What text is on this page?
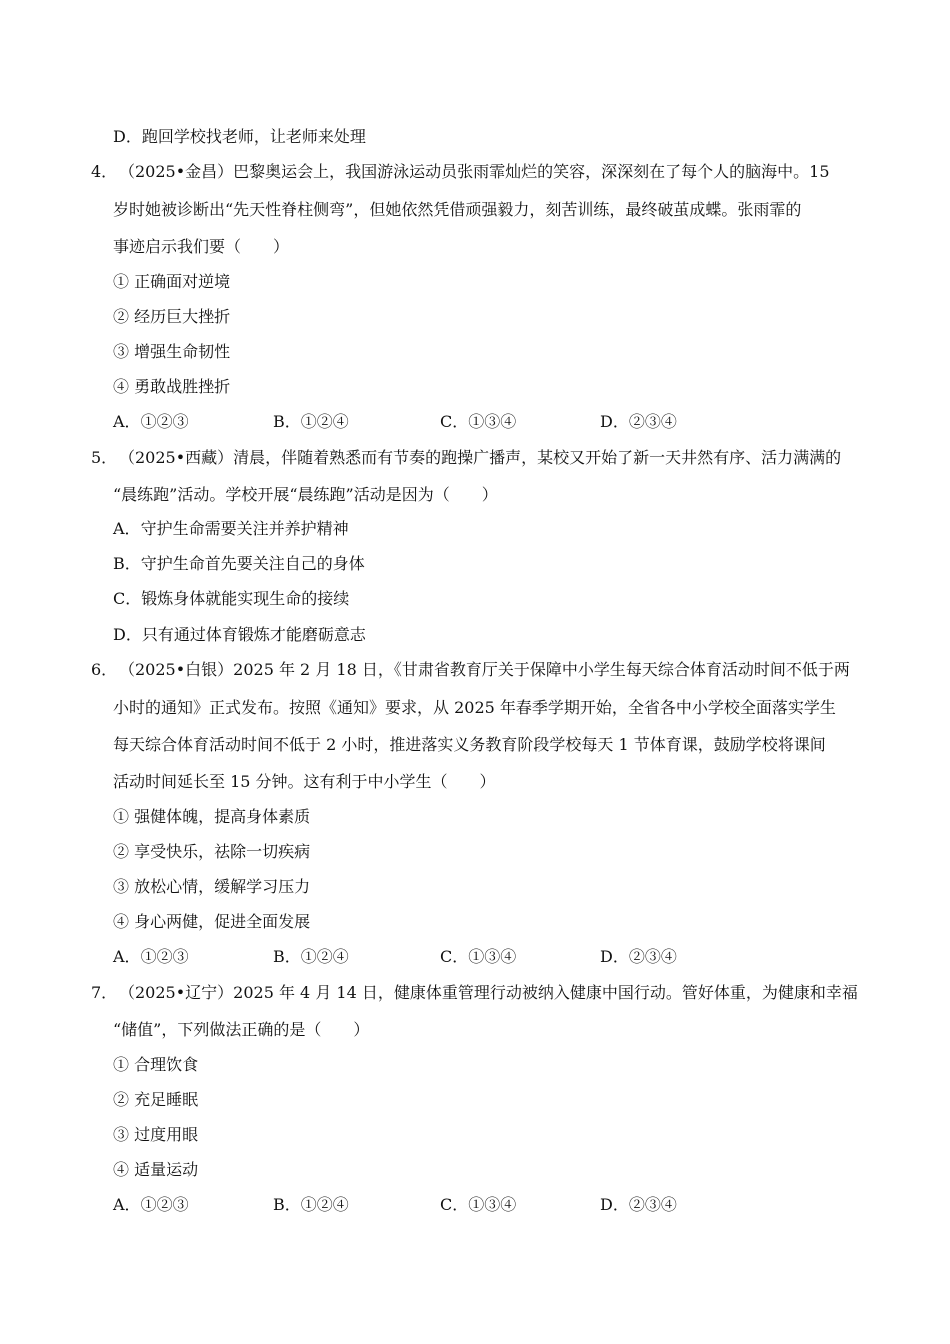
D．跑回学校找老师，让老师来处理
4． （2025•金昌）巴黎奥运会上，我国游泳运动员张雨霏灿烂的笑容，深深刻在了每个人的脑海中。15
岁时她被诊断出“先天性脊柱侧弯”，但她依然凭借顽强毅力，刻苦训练，最终破茧成蝶。张雨霏的
事迹启示我们要（　　）
① 正确面对逆境
② 经历巨大挫折
③ 增强生命韧性
④ 勇敢战胜挫折
A．①②③	B．①②④	C．①③④	D．②③④
5． （2025•西藏）清晨，伴随着熟悉而有节奏的跑操广播声，某校又开始了新一天井然有序、活力满满的
“晨练跑”活动。学校开展“晨练跑”活动是因为（　　）
A．守护生命需要关注并养护精神
B．守护生命首先要关注自己的身体
C．锻炼身体就能实现生命的接续
D．只有通过体育锻炼才能磨砺意志
6． （2025•白银）2025 年 2 月 18 日，《甘肃省教育厅关于保障中小学生每天综合体育活动时间不低于两
小时的通知》正式发布。按照《通知》要求，从 2025 年春季学期开始，全省各中小学校全面落实学生
每天综合体育活动时间不低于 2 小时，推进落实义务教育阶段学校每天 1 节体育课，鼓励学校将课间
活动时间延长至 15 分钟。这有利于中小学生（　　）
① 强健体魄，提高身体素质
② 享受快乐，祛除一切疾病
③ 放松心情，缓解学习压力
④ 身心两健，促进全面发展
A．①②③	B．①②④	C．①③④	D．②③④
7． （2025•辽宁）2025 年 4 月 14 日，健康体重管理行动被纳入健康中国行动。管好体重，为健康和幸福
“储值”，下列做法正确的是（　　）
① 合理饮食
② 充足睡眠
③ 过度用眼
④ 适量运动
A．①②③	B．①②④	C．①③④	D．②③④
